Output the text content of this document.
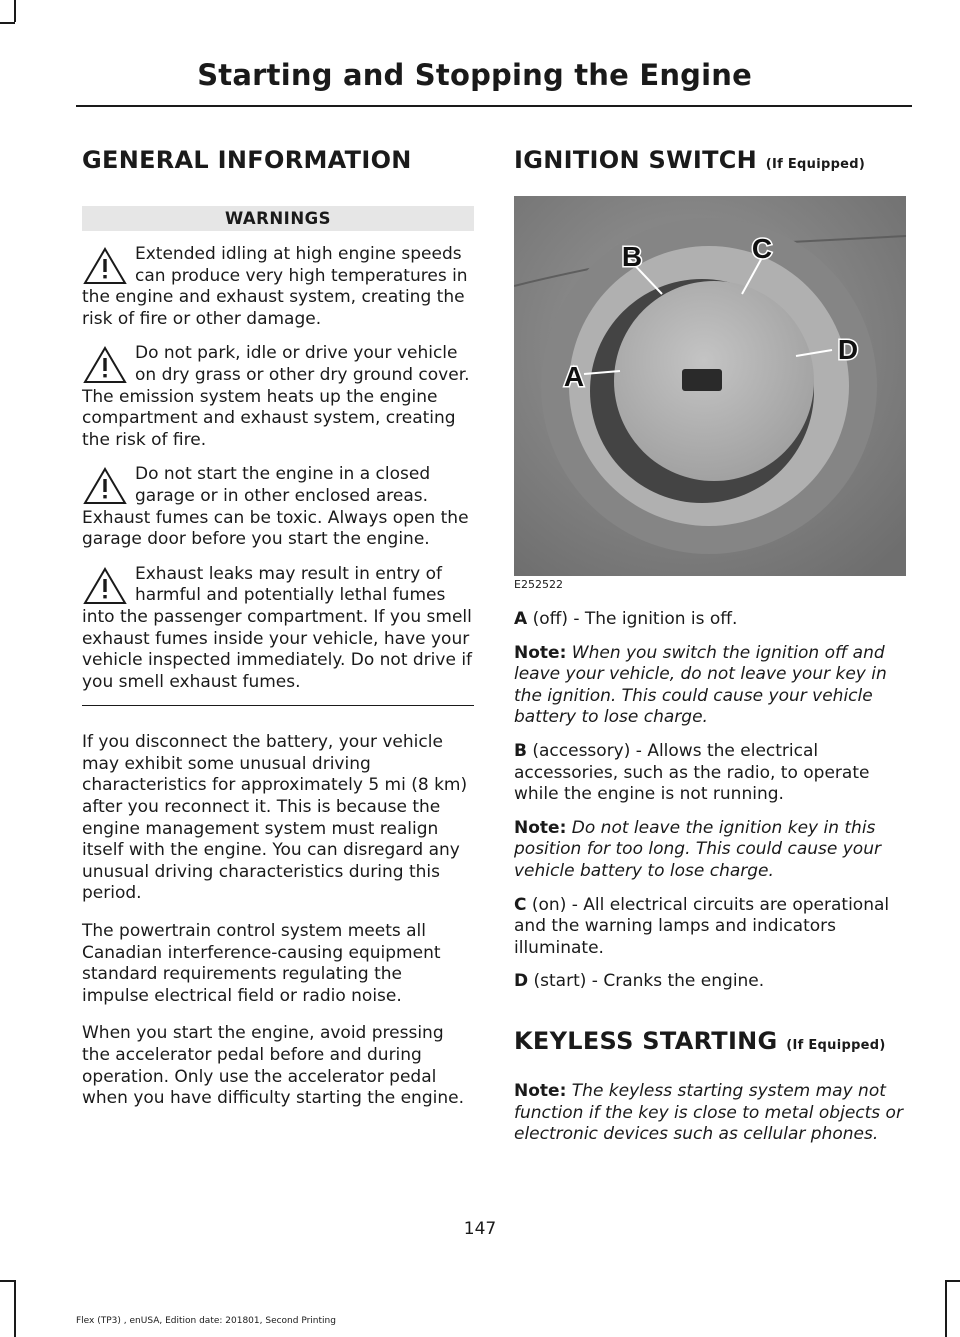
Starting and Stopping the Engine
GENERAL INFORMATION
WARNINGS
Extended idling at high engine speeds can produce very high temperatures in the engine and exhaust system, creating the risk of fire or other damage.
Do not park, idle or drive your vehicle on dry grass or other dry ground cover. The emission system heats up the engine compartment and exhaust system, creating the risk of fire.
Do not start the engine in a closed garage or in other enclosed areas. Exhaust fumes can be toxic. Always open the garage door before you start the engine.
Exhaust leaks may result in entry of harmful and potentially lethal fumes into the passenger compartment. If you smell exhaust fumes inside your vehicle, have your vehicle inspected immediately. Do not drive if you smell exhaust fumes.

If you disconnect the battery, your vehicle may exhibit some unusual driving characteristics for approximately 5 mi (8 km) after you reconnect it. This is because the engine management system must realign itself with the engine. You can disregard any unusual driving characteristics during this period.

The powertrain control system meets all Canadian interference-causing equipment standard requirements regulating the impulse electrical field or radio noise.

When you start the engine, avoid pressing the accelerator pedal before and during operation. Only use the accelerator pedal when you have difficulty starting the engine.

IGNITION SWITCH (If Equipped)
A
B	C
D
E252522

A (off) - The ignition is off.

Note: When you switch the ignition off and leave your vehicle, do not leave your key in the ignition. This could cause your vehicle battery to lose charge.

B (accessory) - Allows the electrical accessories, such as the radio, to operate while the engine is not running.

Note: Do not leave the ignition key in this position for too long. This could cause your vehicle battery to lose charge.

C (on) - All electrical circuits are operational and the warning lamps and indicators illuminate.

D (start) - Cranks the engine.

KEYLESS STARTING (If Equipped)

Note: The keyless starting system may not function if the key is close to metal objects or electronic devices such as cellular phones.

147
Flex (TP3) , enUSA, Edition date: 201801, Second Printing
